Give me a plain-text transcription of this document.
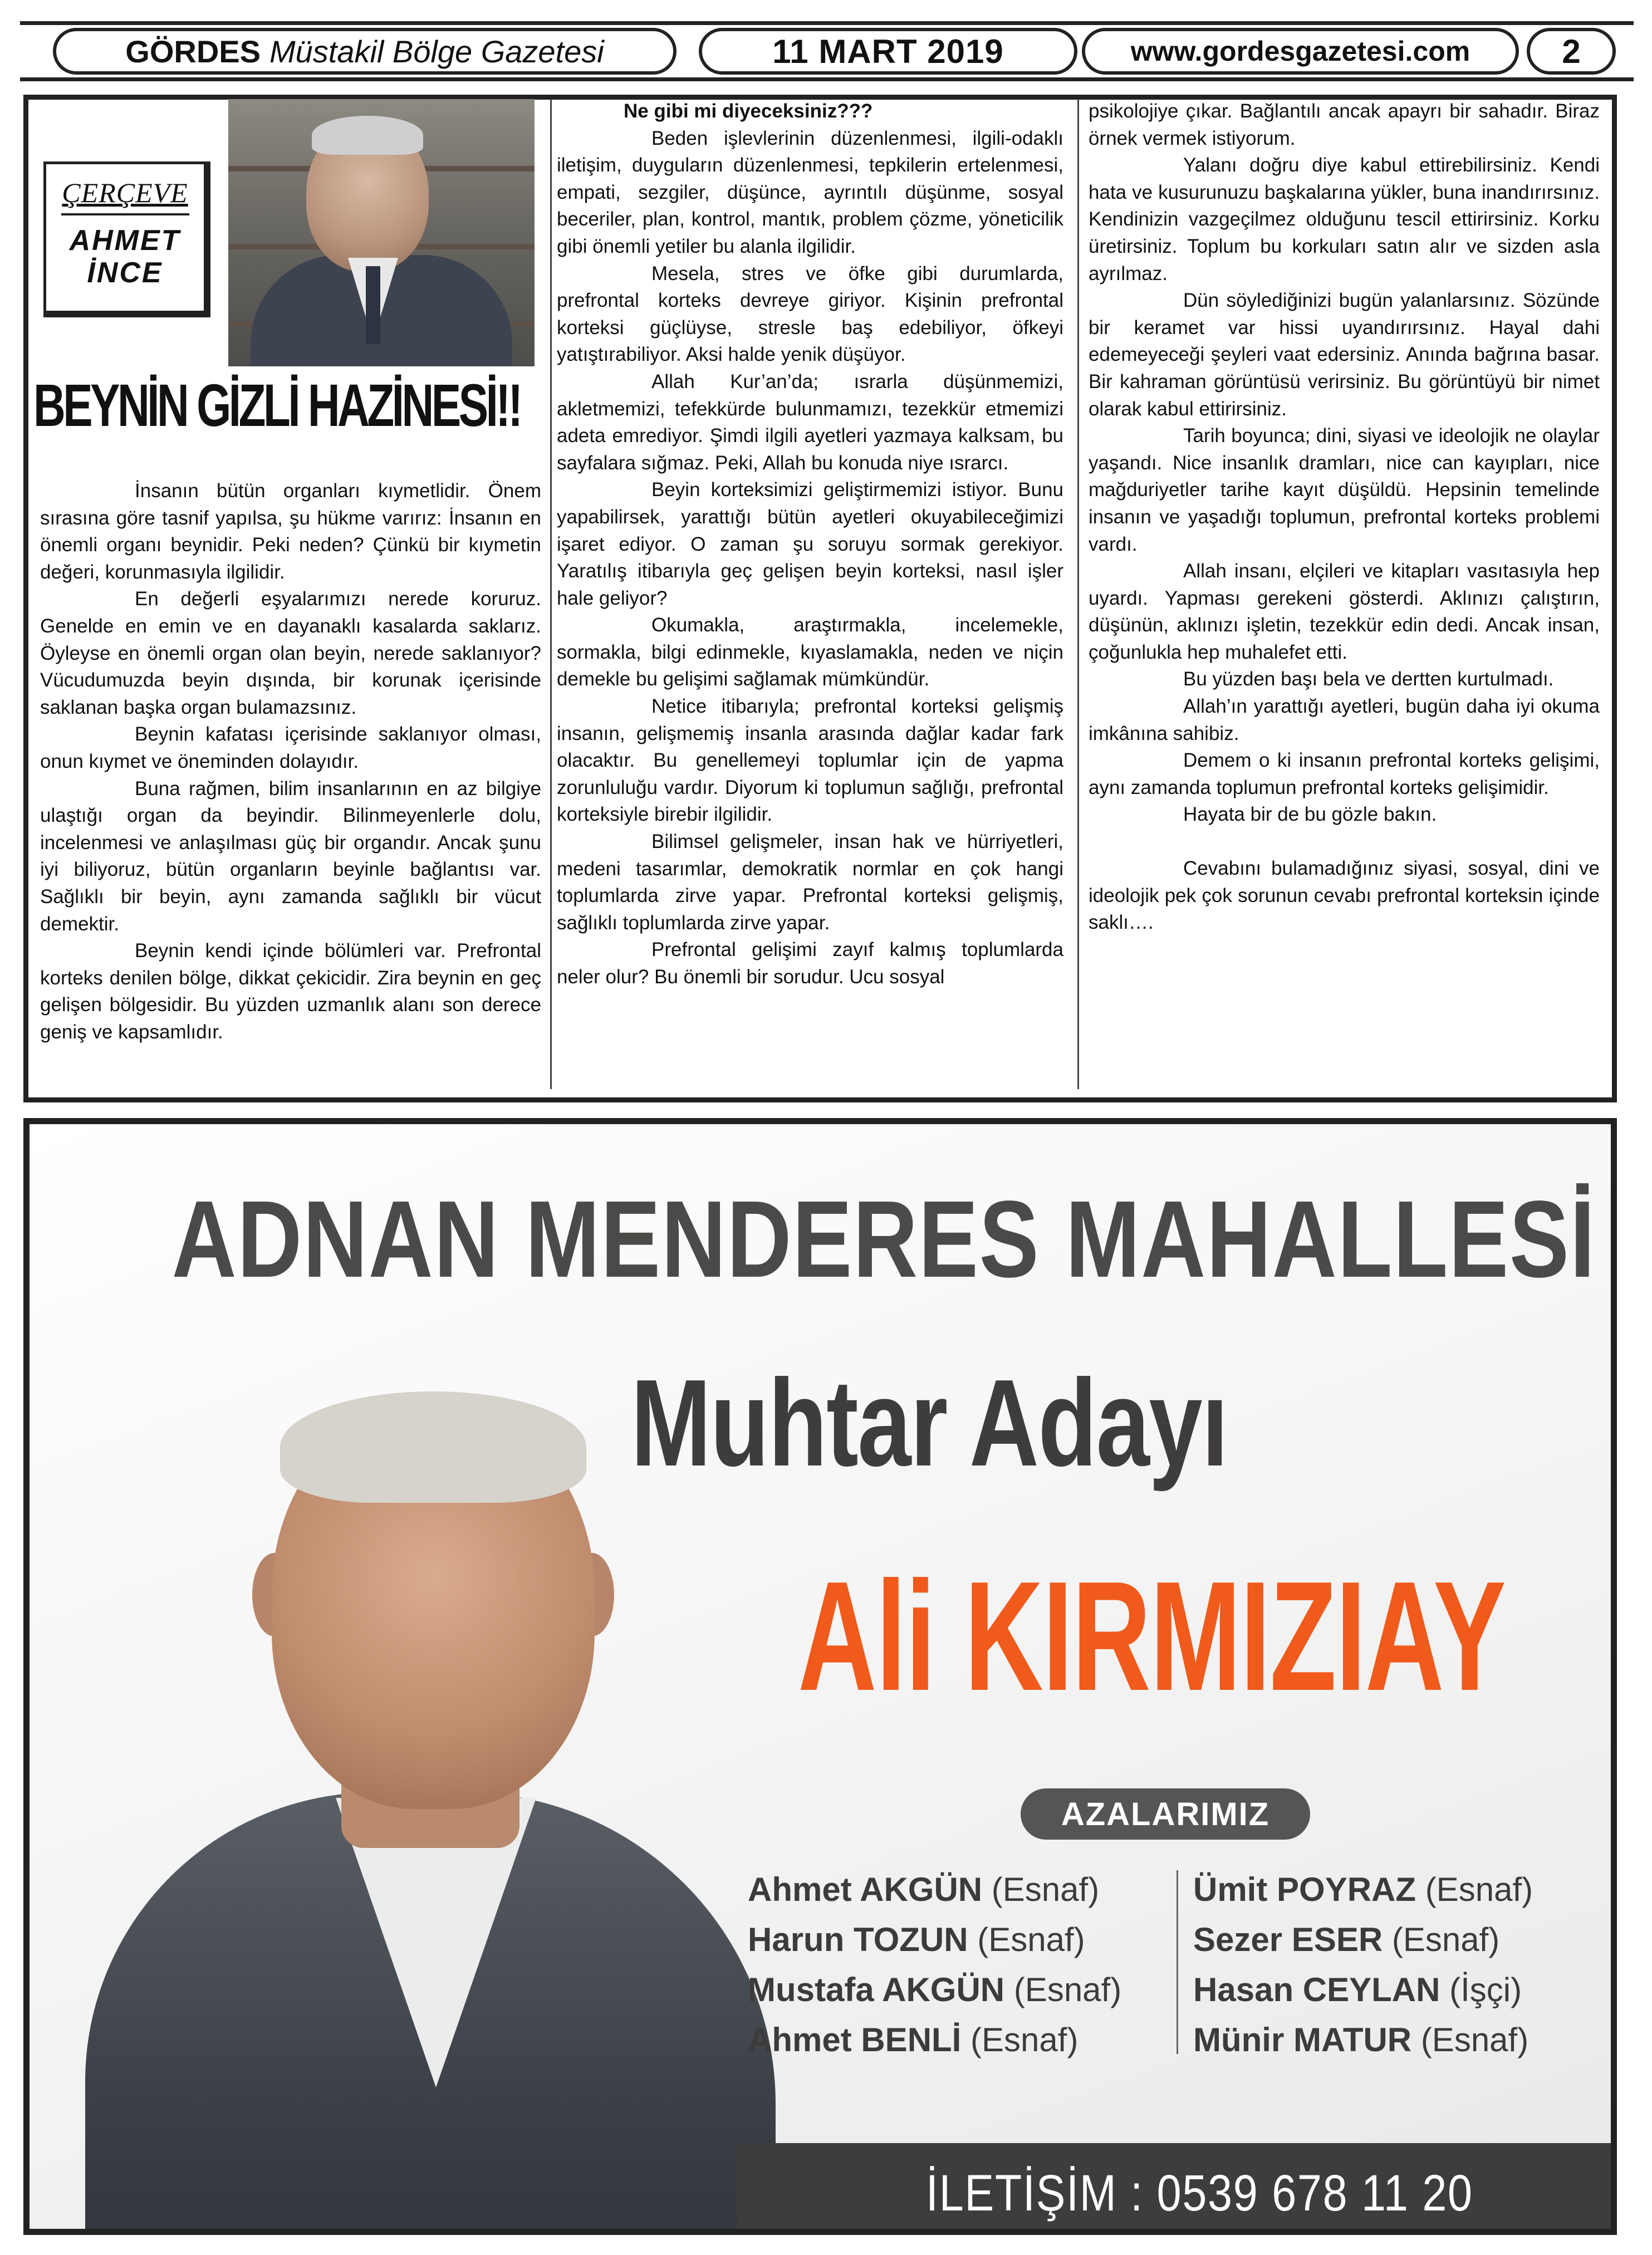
GÖRDES Müstakil Bölge Gazetesi	11 MART 2019	www.gordesgazetesi.com	2
ÇERÇEVE
AHMET
İNCE
BEYNİN GİZLİ HAZİNESİ!!

İnsanın bütün organları kıymetlidir. Önem sırasına göre tasnif yapılsa, şu hükme varırız: İnsanın en önemli organı beynidir. Peki neden? Çünkü bir kıymetin değeri, korunmasıyla ilgilidir.

En değerli eşyalarımızı nerede koruruz. Genelde en emin ve en dayanaklı kasalarda saklarız. Öyleyse en önemli organ olan beyin, nerede saklanıyor? Vücudumuzda beyin dışında, bir korunak içerisinde saklanan başka organ bulamazsınız.

Beynin kafatası içerisinde saklanıyor olması, onun kıymet ve öneminden dolayıdır.

Buna rağmen, bilim insanlarının en az bilgiye ulaştığı organ da beyindir. Bilinmeyenlerle dolu, incelenmesi ve anlaşılması güç bir organdır. Ancak şunu iyi biliyoruz, bütün organların beyinle bağlantısı var. Sağlıklı bir beyin, aynı zamanda sağlıklı bir vücut demektir.

Beynin kendi içinde bölümleri var. Prefrontal korteks denilen bölge, dikkat çekicidir. Zira beynin en geç gelişen bölgesidir. Bu yüzden uzmanlık alanı son derece geniş ve kapsamlıdır.

Ne gibi mi diyeceksiniz???

Beden işlevlerinin düzenlenmesi, ilgili-odaklı iletişim, duyguların düzenlenmesi, tepkilerin ertelenmesi, empati, sezgiler, düşünce, ayrıntılı düşünme, sosyal beceriler, plan, kontrol, mantık, problem çözme, yöneticilik gibi önemli yetiler bu alanla ilgilidir.

Mesela, stres ve öfke gibi durumlarda, prefrontal korteks devreye giriyor. Kişinin prefrontal korteksi güçlüyse, stresle baş edebiliyor, öfkeyi yatıştırabiliyor. Aksi halde yenik düşüyor.

Allah Kur’an’da; ısrarla düşünmemizi, akletmemizi, tefekkürde bulunmamızı, tezekkür etmemizi adeta emrediyor. Şimdi ilgili ayetleri yazmaya kalksam, bu sayfalara sığmaz. Peki, Allah bu konuda niye ısrarcı.

Beyin korteksimizi geliştirmemizi istiyor. Bunu yapabilirsek, yarattığı bütün ayetleri okuyabileceğimizi işaret ediyor. O zaman şu soruyu sormak gerekiyor. Yaratılış itibarıyla geç gelişen beyin korteksi, nasıl işler hale geliyor?

Okumakla, araştırmakla, incelemekle, sormakla, bilgi edinmekle, kıyaslamakla, neden ve niçin demekle bu gelişimi sağlamak mümkündür.

Netice itibarıyla; prefrontal korteksi gelişmiş insanın, gelişmemiş insanla arasında dağlar kadar fark olacaktır. Bu genellemeyi toplumlar için de yapma zorunluluğu vardır. Diyorum ki toplumun sağlığı, prefrontal korteksiyle birebir ilgilidir.

Bilimsel gelişmeler, insan hak ve hürriyetleri, medeni tasarımlar, demokratik normlar en çok hangi toplumlarda zirve yapar. Prefrontal korteksi gelişmiş, sağlıklı toplumlarda zirve yapar.

Prefrontal gelişimi zayıf kalmış toplumlarda neler olur? Bu önemli bir sorudur. Ucu sosyal

psikolojiye çıkar. Bağlantılı ancak apayrı bir sahadır. Biraz örnek vermek istiyorum.

Yalanı doğru diye kabul ettirebilirsiniz. Kendi hata ve kusurunuzu başkalarına yükler, buna inandırırsınız. Kendinizin vazgeçilmez olduğunu tescil ettirirsiniz. Korku üretirsiniz. Toplum bu korkuları satın alır ve sizden asla ayrılmaz.

Dün söylediğinizi bugün yalanlarsınız. Sözünde bir keramet var hissi uyandırırsınız. Hayal dahi edemeyeceği şeyleri vaat edersiniz. Anında bağrına basar. Bir kahraman görüntüsü verirsiniz. Bu görüntüyü bir nimet olarak kabul ettirirsiniz.

Tarih boyunca; dini, siyasi ve ideolojik ne olaylar yaşandı. Nice insanlık dramları, nice can kayıpları, nice mağduriyetler tarihe kayıt düşüldü. Hepsinin temelinde insanın ve yaşadığı toplumun, prefrontal korteks problemi vardı.

Allah insanı, elçileri ve kitapları vasıtasıyla hep uyardı. Yapması gerekeni gösterdi. Aklınızı çalıştırın, düşünün, aklınızı işletin, tezekkür edin dedi. Ancak insan, çoğunlukla hep muhalefet etti.

Bu yüzden başı bela ve dertten kurtulmadı.

Allah’ın yarattığı ayetleri, bugün daha iyi okuma imkânına sahibiz.

Demem o ki insanın prefrontal korteks gelişimi, aynı zamanda toplumun prefrontal korteks gelişimidir.

Hayata bir de bu gözle bakın.

Cevabını bulamadığınız siyasi, sosyal, dini ve ideolojik pek çok sorunun cevabı prefrontal korteksin içinde saklı….

ADNAN MENDERES MAHALLESİ
Muhtar Adayı
Ali KIRMIZIAY
AZALARIMIZ
Ahmet AKGÜN (Esnaf)
Harun TOZUN (Esnaf)
Mustafa AKGÜN (Esnaf)
Ahmet BENLİ (Esnaf)
Ümit POYRAZ (Esnaf)
Sezer ESER (Esnaf)
Hasan CEYLAN (İşçi)
Münir MATUR (Esnaf)
İLETİŞİM : 0539 678 11 20
